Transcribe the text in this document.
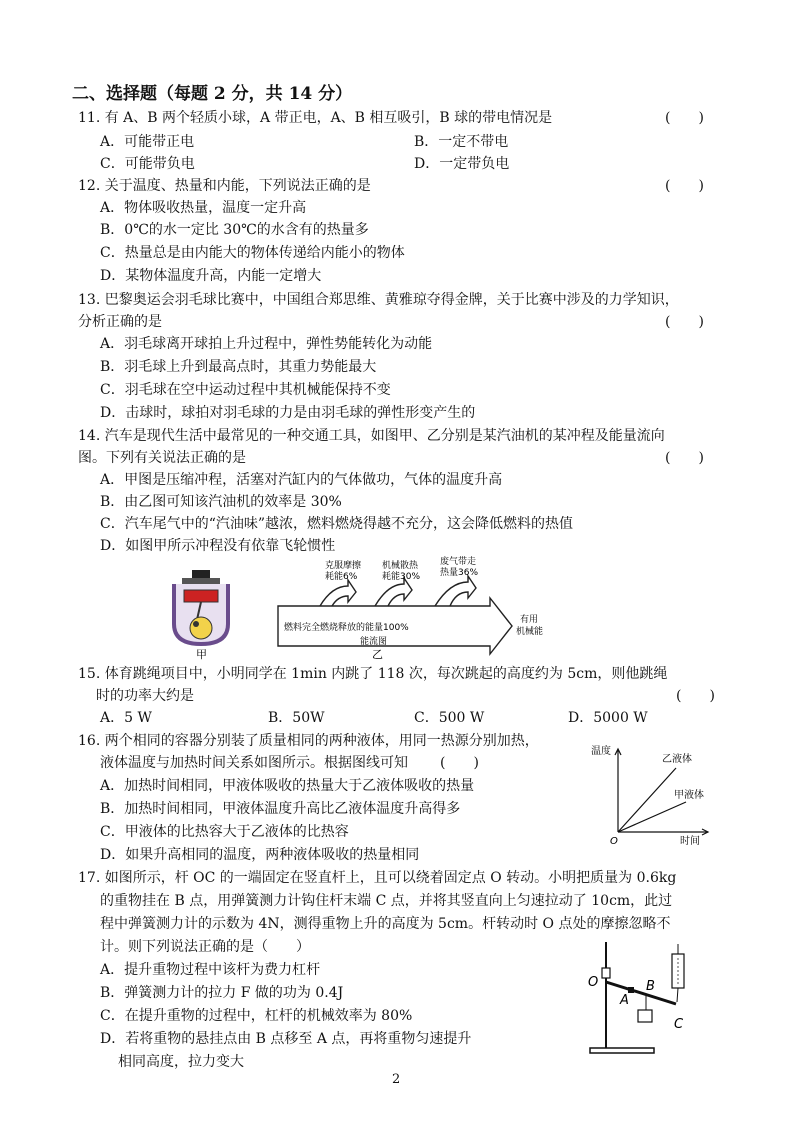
二、选择题（每题 2 分，共 14 分）
11. 有 A、B 两个轻质小球，A 带正电，A、B 相互吸引，B 球的带电情况是	(　　)
A．可能带正电	B．一定不带电
C．可能带负电	D．一定带负电
12. 关于温度、热量和内能，下列说法正确的是	(　　)
A．物体吸收热量，温度一定升高
B．0℃的水一定比 30℃的水含有的热量多
C．热量总是由内能大的物体传递给内能小的物体
D．某物体温度升高，内能一定增大
13. 巴黎奥运会羽毛球比赛中，中国组合郑思维、黄雅琼夺得金牌，关于比赛中涉及的力学知识，
分析正确的是	(　　)
A．羽毛球离开球拍上升过程中，弹性势能转化为动能
B．羽毛球上升到最高点时，其重力势能最大
C．羽毛球在空中运动过程中其机械能保持不变
D．击球时，球拍对羽毛球的力是由羽毛球的弹性形变产生的
14. 汽车是现代生活中最常见的一种交通工具，如图甲、乙分别是某汽油机的某冲程及能量流向
图。下列有关说法正确的是	(　　)
A．甲图是压缩冲程，活塞对汽缸内的气体做功，气体的温度升高
B．由乙图可知该汽油机的效率是 30%
C．汽车尾气中的“汽油味”越浓，燃料燃烧得越不充分，这会降低燃料的热值
D．如图甲所示冲程没有依靠飞轮惯性
甲
克服摩擦
耗能6%
机械散热
耗能30%
废气带走
热量36%
燃料完全燃烧释放的能量100%
有用
机械能
能流图
乙
15. 体育跳绳项目中，小明同学在 1min 内跳了 118 次，每次跳起的高度约为 5cm，则他跳绳
时的功率大约是	(　　)
A．5 W	B．50W	C．500 W	D．5000 W
16. 两个相同的容器分别装了质量相同的两种液体，用同一热源分别加热，
液体温度与加热时间关系如图所示。根据图线可知 (　　)
A．加热时间相同，甲液体吸收的热量大于乙液体吸收的热量
B．加热时间相同，甲液体温度升高比乙液体温度升高得多
C．甲液体的比热容大于乙液体的比热容
D．如果升高相同的温度，两种液体吸收的热量相同
温度
时间
O
乙液体
甲液体
17. 如图所示，杆 OC 的一端固定在竖直杆上，且可以绕着固定点 O 转动。小明把质量为 0.6kg
的重物挂在 B 点，用弹簧测力计钩住杆末端 C 点，并将其竖直向上匀速拉动了 10cm，此过
程中弹簧测力计的示数为 4N，测得重物上升的高度为 5cm。杆转动时 O 点处的摩擦忽略不
计。则下列说法正确的是（　　）
A．提升重物过程中该杆为费力杠杆
B．弹簧测力计的拉力 F 做的功为 0.4J
C．在提升重物的过程中，杠杆的机械效率为 80%
D．若将重物的悬挂点由 B 点移至 A 点，再将重物匀速提升
相同高度，拉力变大
O
A
B
C
2
